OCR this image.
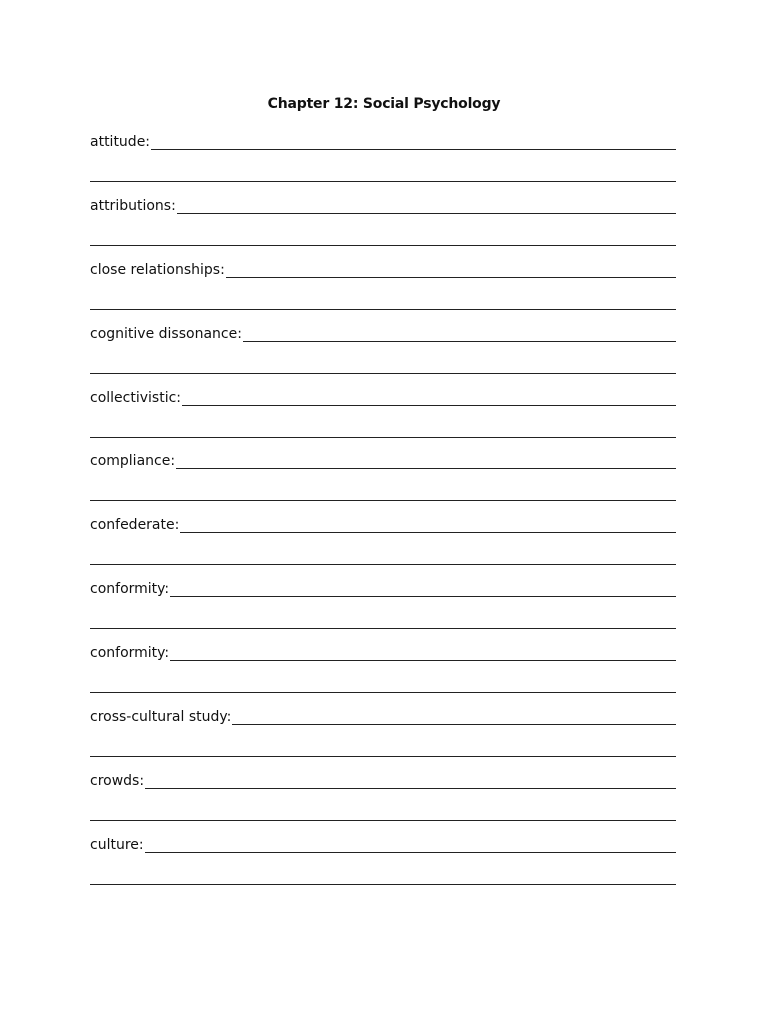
Chapter 12: Social Psychology
attitude:
attributions:
close relationships:
cognitive dissonance:
collectivistic:
compliance:
confederate:
conformity:
conformity:
cross-cultural study:
crowds:
culture:
